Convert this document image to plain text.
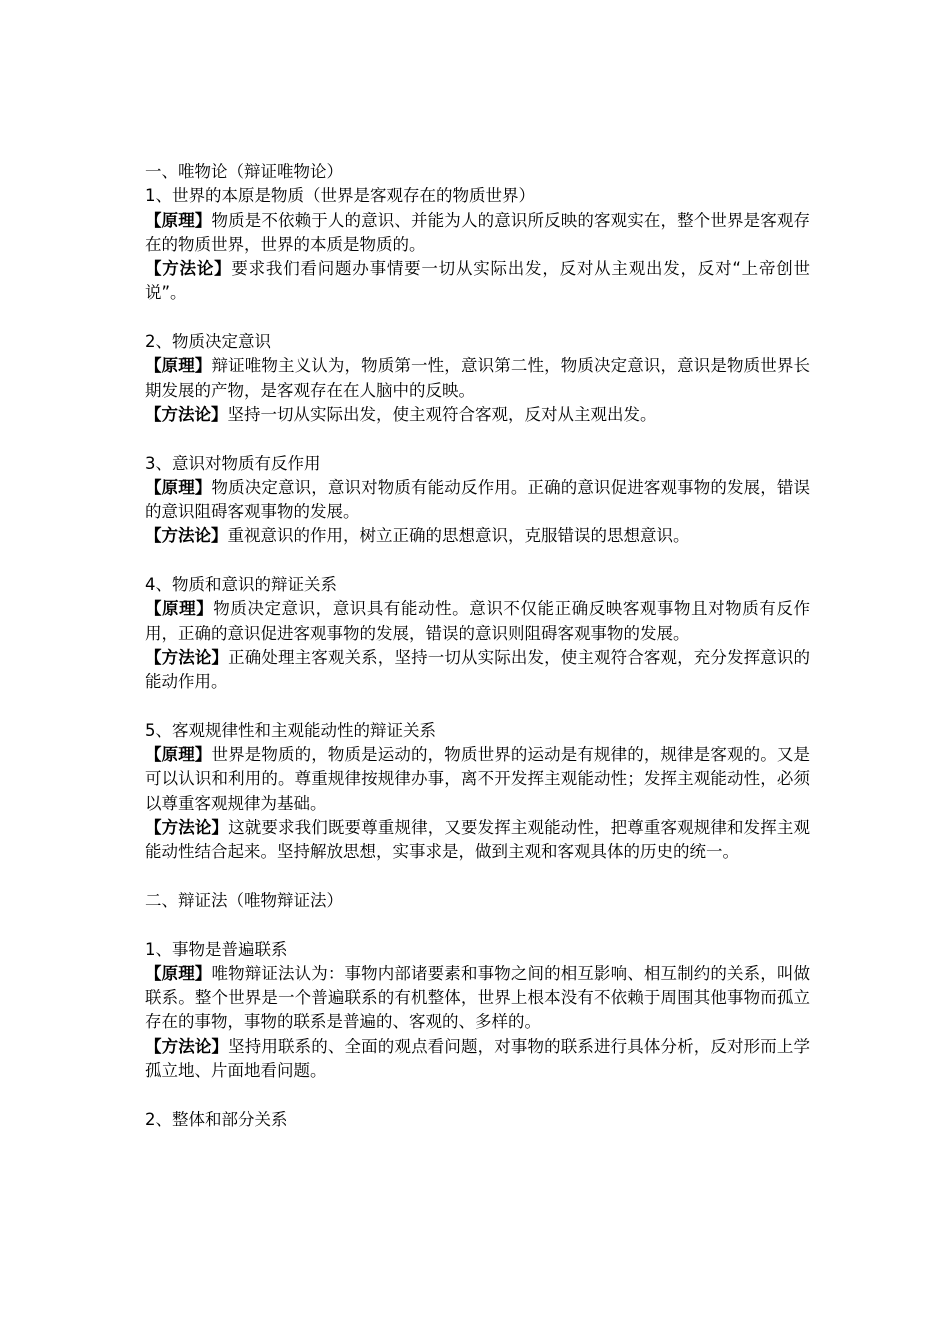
一、唯物论（辩证唯物论）

1、世界的本原是物质（世界是客观存在的物质世界）

【原理】物质是不依赖于人的意识、并能为人的意识所反映的客观实在，整个世界是客观存在的物质世界，世界的本质是物质的。

【方法论】要求我们看问题办事情要一切从实际出发，反对从主观出发，反对“上帝创世说”。

2、物质决定意识

【原理】辩证唯物主义认为，物质第一性，意识第二性，物质决定意识，意识是物质世界长期发展的产物，是客观存在在人脑中的反映。

【方法论】坚持一切从实际出发，使主观符合客观，反对从主观出发。

3、意识对物质有反作用

【原理】物质决定意识，意识对物质有能动反作用。正确的意识促进客观事物的发展，错误的意识阻碍客观事物的发展。

【方法论】重视意识的作用，树立正确的思想意识，克服错误的思想意识。

4、物质和意识的辩证关系

【原理】物质决定意识，意识具有能动性。意识不仅能正确反映客观事物且对物质有反作用，正确的意识促进客观事物的发展，错误的意识则阻碍客观事物的发展。

【方法论】正确处理主客观关系，坚持一切从实际出发，使主观符合客观，充分发挥意识的能动作用。

5、客观规律性和主观能动性的辩证关系

【原理】世界是物质的，物质是运动的，物质世界的运动是有规律的，规律是客观的。又是可以认识和利用的。尊重规律按规律办事，离不开发挥主观能动性；发挥主观能动性，必须以尊重客观规律为基础。

【方法论】这就要求我们既要尊重规律，又要发挥主观能动性，把尊重客观规律和发挥主观能动性结合起来。坚持解放思想，实事求是，做到主观和客观具体的历史的统一。

二、辩证法（唯物辩证法）

1、事物是普遍联系

【原理】唯物辩证法认为：事物内部诸要素和事物之间的相互影响、相互制约的关系，叫做联系。整个世界是一个普遍联系的有机整体，世界上根本没有不依赖于周围其他事物而孤立存在的事物，事物的联系是普遍的、客观的、多样的。

【方法论】坚持用联系的、全面的观点看问题，对事物的联系进行具体分析，反对形而上学孤立地、片面地看问题。

2、整体和部分关系
